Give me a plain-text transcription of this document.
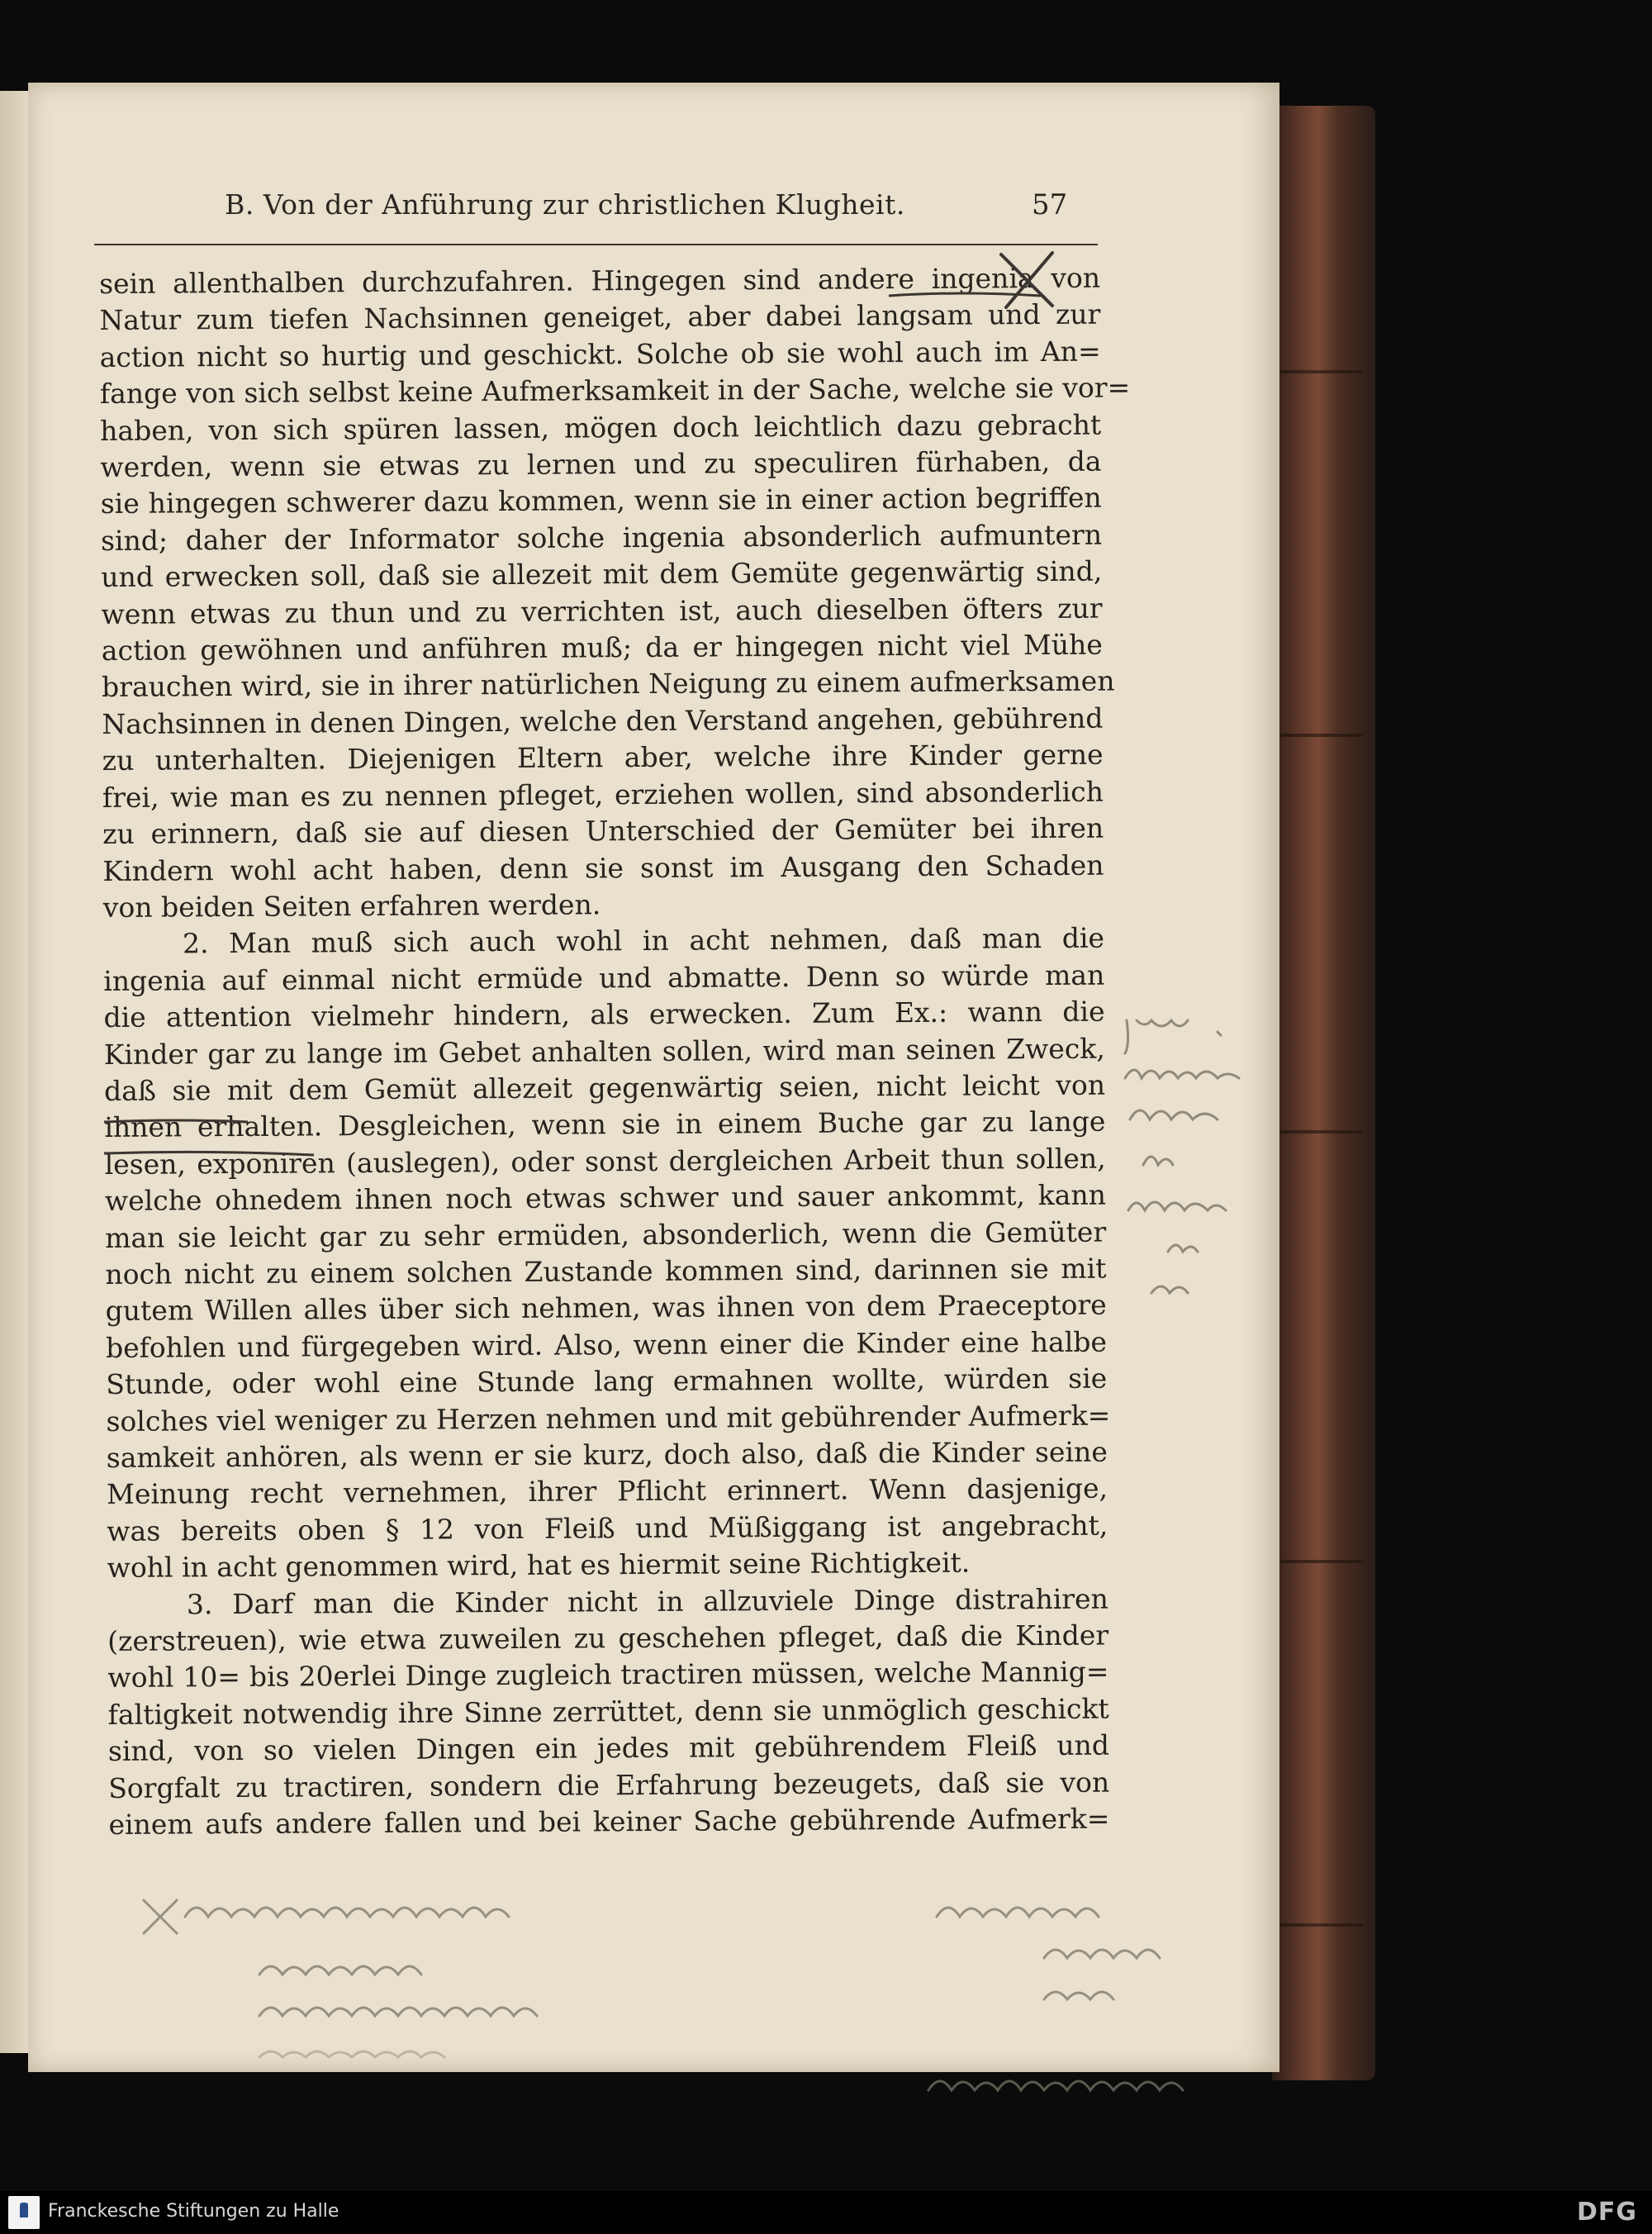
B. Von der Anführung zur christlichen Klugheit.	57
sein allenthalben durchzufahren. Hingegen sind andere ingenia von
Natur zum tiefen Nachsinnen geneiget, aber dabei langsam und zur
action nicht so hurtig und geschickt. Solche ob sie wohl auch im An=
fange von sich selbst keine Aufmerksamkeit in der Sache, welche sie vor=
haben, von sich spüren lassen, mögen doch leichtlich dazu gebracht
werden, wenn sie etwas zu lernen und zu speculiren fürhaben, da
sie hingegen schwerer dazu kommen, wenn sie in einer action begriffen
sind; daher der Informator solche ingenia absonderlich aufmuntern
und erwecken soll, daß sie allezeit mit dem Gemüte gegenwärtig sind,
wenn etwas zu thun und zu verrichten ist, auch dieselben öfters zur
action gewöhnen und anführen muß; da er hingegen nicht viel Mühe
brauchen wird, sie in ihrer natürlichen Neigung zu einem aufmerksamen
Nachsinnen in denen Dingen, welche den Verstand angehen, gebührend
zu unterhalten. Diejenigen Eltern aber, welche ihre Kinder gerne
frei, wie man es zu nennen pfleget, erziehen wollen, sind absonderlich
zu erinnern, daß sie auf diesen Unterschied der Gemüter bei ihren
Kindern wohl acht haben, denn sie sonst im Ausgang den Schaden
von beiden Seiten erfahren werden.
2. Man muß sich auch wohl in acht nehmen, daß man die
ingenia auf einmal nicht ermüde und abmatte. Denn so würde man
die attention vielmehr hindern, als erwecken. Zum Ex.: wann die
Kinder gar zu lange im Gebet anhalten sollen, wird man seinen Zweck,
daß sie mit dem Gemüt allezeit gegenwärtig seien, nicht leicht von
ihnen erhalten. Desgleichen, wenn sie in einem Buche gar zu lange
lesen, exponiren (auslegen), oder sonst dergleichen Arbeit thun sollen,
welche ohnedem ihnen noch etwas schwer und sauer ankommt, kann
man sie leicht gar zu sehr ermüden, absonderlich, wenn die Gemüter
noch nicht zu einem solchen Zustande kommen sind, darinnen sie mit
gutem Willen alles über sich nehmen, was ihnen von dem Praeceptore
befohlen und fürgegeben wird. Also, wenn einer die Kinder eine halbe
Stunde, oder wohl eine Stunde lang ermahnen wollte, würden sie
solches viel weniger zu Herzen nehmen und mit gebührender Aufmerk=
samkeit anhören, als wenn er sie kurz, doch also, daß die Kinder seine
Meinung recht vernehmen, ihrer Pflicht erinnert. Wenn dasjenige,
was bereits oben § 12 von Fleiß und Müßiggang ist angebracht,
wohl in acht genommen wird, hat es hiermit seine Richtigkeit.
3. Darf man die Kinder nicht in allzuviele Dinge distrahiren
(zerstreuen), wie etwa zuweilen zu geschehen pfleget, daß die Kinder
wohl 10= bis 20erlei Dinge zugleich tractiren müssen, welche Mannig=
faltigkeit notwendig ihre Sinne zerrüttet, denn sie unmöglich geschickt
sind, von so vielen Dingen ein jedes mit gebührendem Fleiß und
Sorgfalt zu tractiren, sondern die Erfahrung bezeugets, daß sie von
einem aufs andere fallen und bei keiner Sache gebührende Aufmerk=
Franckesche Stiftungen zu Halle	DFG
